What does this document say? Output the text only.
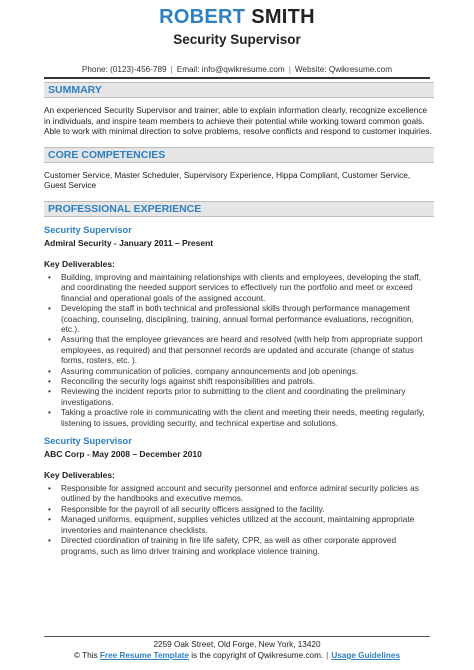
ROBERT SMITH
Security Supervisor
Phone: (0123)-456-789 | Email: info@qwikresume.com | Website: Qwikresume.com
SUMMARY
An experienced Security Supervisor and trainer; able to explain information clearly, recognize excellence in individuals, and inspire team members to achieve their potential while working toward common goals. Able to work with minimal direction to solve problems, resolve conflicts and respond to customer inquiries.
CORE COMPETENCIES
Customer Service, Master Scheduler, Supervisory Experience, Hippa Compliant, Customer Service, Guest Service
PROFESSIONAL EXPERIENCE
Security Supervisor
Admiral Security - January 2011 – Present
Key Deliverables:
• Building, improving and maintaining relationships with clients and employees, developing the staff, and coordinating the needed support services to effectively run the portfolio and meet or exceed financial and operational goals of the assigned account.
• Developing the staff in both technical and professional skills through performance management (coaching, counseling, disciplining, training, annual formal performance evaluations, recognition, etc.).
• Assuring that the employee grievances are heard and resolved (with help from appropriate support employees, as required) and that personnel records are updated and accurate (change of status forms, rosters, etc. ).
• Assuring communication of policies, company announcements and job openings.
• Reconciling the security logs against shift responsibilities and patrols.
• Reviewing the incident reports prior to submitting to the client and coordinating the preliminary investigations.
• Taking a proactive role in communicating with the client and meeting their needs, meeting regularly, listening to issues, providing security, and technical expertise and solutions.
Security Supervisor
ABC Corp - May 2008 – December 2010
Key Deliverables:
• Responsible for assigned account and security personnel and enforce admiral security policies as outlined by the handbooks and executive memos.
• Responsible for the payroll of all security officers assigned to the facility.
• Managed uniforms, equipment, supplies vehicles utilized at the account, maintaining appropriate inventories and maintenance checklists.
• Directed coordination of training in fire life safety, CPR, as well as other corporate approved programs, such as limo driver training and workplace violence training.
2259 Oak Street, Old Forge, New York, 13420
© This Free Resume Template is the copyright of Qwikresume.com. | Usage Guidelines
